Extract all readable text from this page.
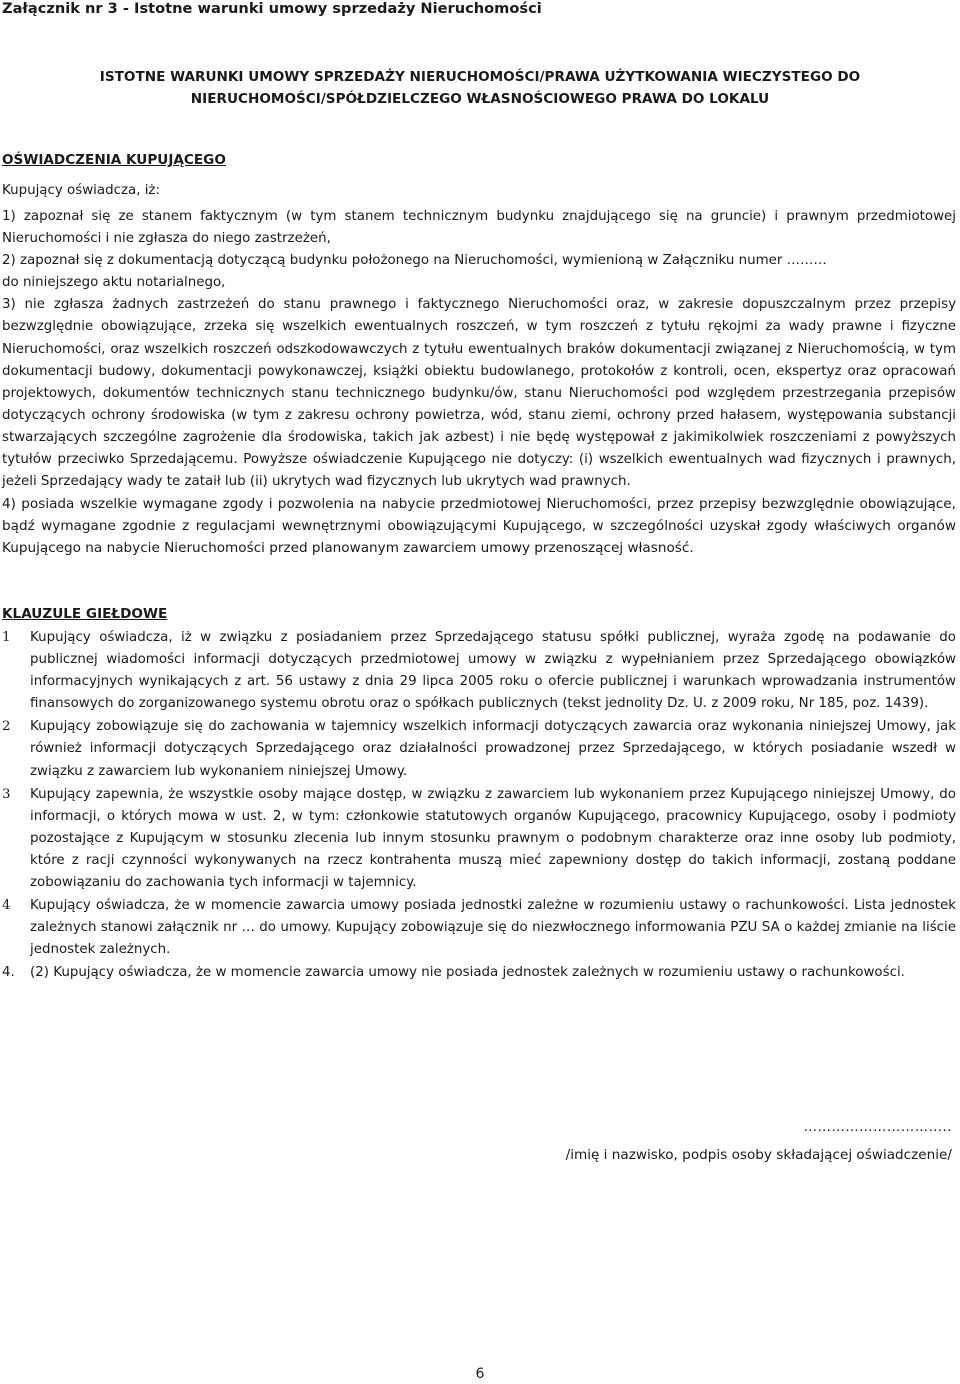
Załącznik nr 3 - Istotne warunki umowy sprzedaży Nieruchomości
ISTOTNE WARUNKI UMOWY SPRZEDAŻY NIERUCHOMOŚCI/PRAWA UŻYTKOWANIA WIECZYSTEGO DO
NIERUCHOMOŚCI/SPÓŁDZIELCZEGO WŁASNOŚCIOWEGO PRAWA DO LOKALU
OŚWIADCZENIA KUPUJĄCEGO
Kupujący oświadcza, iż:

1) zapoznał się ze stanem faktycznym (w tym stanem technicznym budynku znajdującego się na gruncie) i prawnym przedmiotowej Nieruchomości i nie zgłasza do niego zastrzeżeń,

2) zapoznał się z dokumentacją dotyczącą budynku położonego na Nieruchomości, wymienioną w Załączniku numer ………

do niniejszego aktu notarialnego,

3) nie zgłasza żadnych zastrzeżeń do stanu prawnego i faktycznego Nieruchomości oraz, w zakresie dopuszczalnym przez przepisy bezwzględnie obowiązujące, zrzeka się wszelkich ewentualnych roszczeń, w tym roszczeń z tytułu rękojmi za wady prawne i fizyczne Nieruchomości, oraz wszelkich roszczeń odszkodowawczych z tytułu ewentualnych braków dokumentacji związanej z Nieruchomością, w tym dokumentacji budowy, dokumentacji powykonawczej, książki obiektu budowlanego, protokołów z kontroli, ocen, ekspertyz oraz opracowań projektowych, dokumentów technicznych stanu technicznego budynku/ów, stanu Nieruchomości pod względem przestrzegania przepisów dotyczących ochrony środowiska (w tym z zakresu ochrony powietrza, wód, stanu ziemi, ochrony przed hałasem, występowania substancji stwarzających szczególne zagrożenie dla środowiska, takich jak azbest) i nie będę występował z jakimikolwiek roszczeniami z powyższych tytułów przeciwko Sprzedającemu. Powyższe oświadczenie Kupującego nie dotyczy: (i) wszelkich ewentualnych wad fizycznych i prawnych, jeżeli Sprzedający wady te zataił lub (ii) ukrytych wad fizycznych lub ukrytych wad prawnych.

4) posiada wszelkie wymagane zgody i pozwolenia na nabycie przedmiotowej Nieruchomości, przez przepisy bezwzględnie obowiązujące, bądź wymagane zgodnie z regulacjami wewnętrznymi obowiązującymi Kupującego, w szczególności uzyskał zgody właściwych organów Kupującego na nabycie Nieruchomości przed planowanym zawarciem umowy przenoszącej własność.

KLAUZULE GIEŁDOWE
1 Kupujący oświadcza, iż w związku z posiadaniem przez Sprzedającego statusu spółki publicznej, wyraża zgodę na podawanie do publicznej wiadomości informacji dotyczących przedmiotowej umowy w związku z wypełnianiem przez Sprzedającego obowiązków informacyjnych wynikających z art. 56 ustawy z dnia 29 lipca 2005 roku o ofercie publicznej i warunkach wprowadzania instrumentów finansowych do zorganizowanego systemu obrotu oraz o spółkach publicznych (tekst jednolity Dz. U. z 2009 roku, Nr 185, poz. 1439).
2 Kupujący zobowiązuje się do zachowania w tajemnicy wszelkich informacji dotyczących zawarcia oraz wykonania niniejszej Umowy, jak również informacji dotyczących Sprzedającego oraz działalności prowadzonej przez Sprzedającego, w których posiadanie wszedł w związku z zawarciem lub wykonaniem niniejszej Umowy.
3 Kupujący zapewnia, że wszystkie osoby mające dostęp, w związku z zawarciem lub wykonaniem przez Kupującego niniejszej Umowy, do informacji, o których mowa w ust. 2, w tym: członkowie statutowych organów Kupującego, pracownicy Kupującego, osoby i podmioty pozostające z Kupującym w stosunku zlecenia lub innym stosunku prawnym o podobnym charakterze oraz inne osoby lub podmioty, które z racji czynności wykonywanych na rzecz kontrahenta muszą mieć zapewniony dostęp do takich informacji, zostaną poddane zobowiązaniu do zachowania tych informacji w tajemnicy.
4 Kupujący oświadcza, że w momencie zawarcia umowy posiada jednostki zależne w rozumieniu ustawy o rachunkowości. Lista jednostek zależnych stanowi załącznik nr … do umowy. Kupujący zobowiązuje się do niezwłocznego informowania PZU SA o każdej zmianie na liście jednostek zależnych.
4. (2) Kupujący oświadcza, że w momencie zawarcia umowy nie posiada jednostek zależnych w rozumieniu ustawy o rachunkowości.
…………………………..
/imię i nazwisko, podpis osoby składającej oświadczenie/
6
